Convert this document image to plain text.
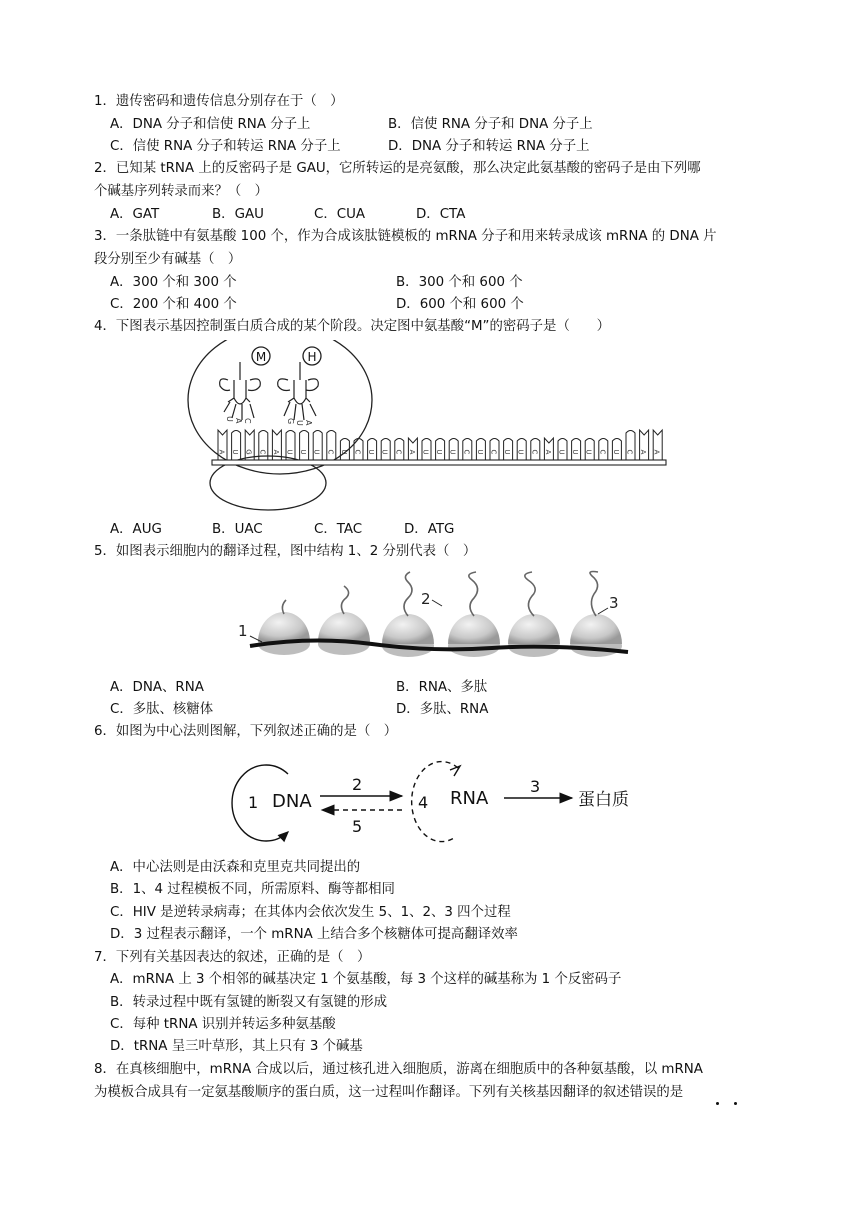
1．遗传密码和遗传信息分别存在于（　）
A．DNA 分子和信使 RNA 分子上	B．信使 RNA 分子和 DNA 分子上
C．信使 RNA 分子和转运 RNA 分子上	D．DNA 分子和转运 RNA 分子上
2．已知某 tRNA 上的反密码子是 GAU，它所转运的是亮氨酸，那么决定此氨基酸的密码子是由下列哪
个碱基序列转录而来？（　）
A．GAT	B．GAU	C．CUA	D．CTA
3．一条肽链中有氨基酸 100 个，作为合成该肽链模板的 mRNA 分子和用来转录成该 mRNA 的 DNA 片
段分别至少有碱基（　）
A．300 个和 300 个	B．300 个和 600 个
C．200 个和 400 个	D．600 个和 600 个
4．下图表示基因控制蛋白质合成的某个阶段。决定图中氨基酸“M”的密码子是（　　）
A U G C A U U U C U C U U C A U U U C U C U U C A U U U C U C A A
M	H
U A C	G U A
A．AUG	B．UAC	C．TAC	D．ATG
5．如图表示细胞内的翻译过程，图中结构 1、2 分别代表（　）
1
2	3
A．DNA、RNA	B．RNA、多肽
C．多肽、核糖体	D．多肽、RNA
6．如图为中心法则图解，下列叙述正确的是（　）
1 DNA
2
5
4 RNA
3
蛋白质
A．中心法则是由沃森和克里克共同提出的
B．1、4 过程模板不同，所需原料、酶等都相同
C．HIV 是逆转录病毒；在其体内会依次发生 5、1、2、3 四个过程
D．3 过程表示翻译，一个 mRNA 上结合多个核糖体可提高翻译效率
7．下列有关基因表达的叙述，正确的是（　）
A．mRNA 上 3 个相邻的碱基决定 1 个氨基酸，每 3 个这样的碱基称为 1 个反密码子
B．转录过程中既有氢键的断裂又有氢键的形成
C．每种 tRNA 识别并转运多种氨基酸
D．tRNA 呈三叶草形，其上只有 3 个碱基
8．在真核细胞中，mRNA 合成以后，通过核孔进入细胞质，游离在细胞质中的各种氨基酸，以 mRNA
为模板合成具有一定氨基酸顺序的蛋白质，这一过程叫作翻译。下列有关核基因翻译的叙述错误的是
